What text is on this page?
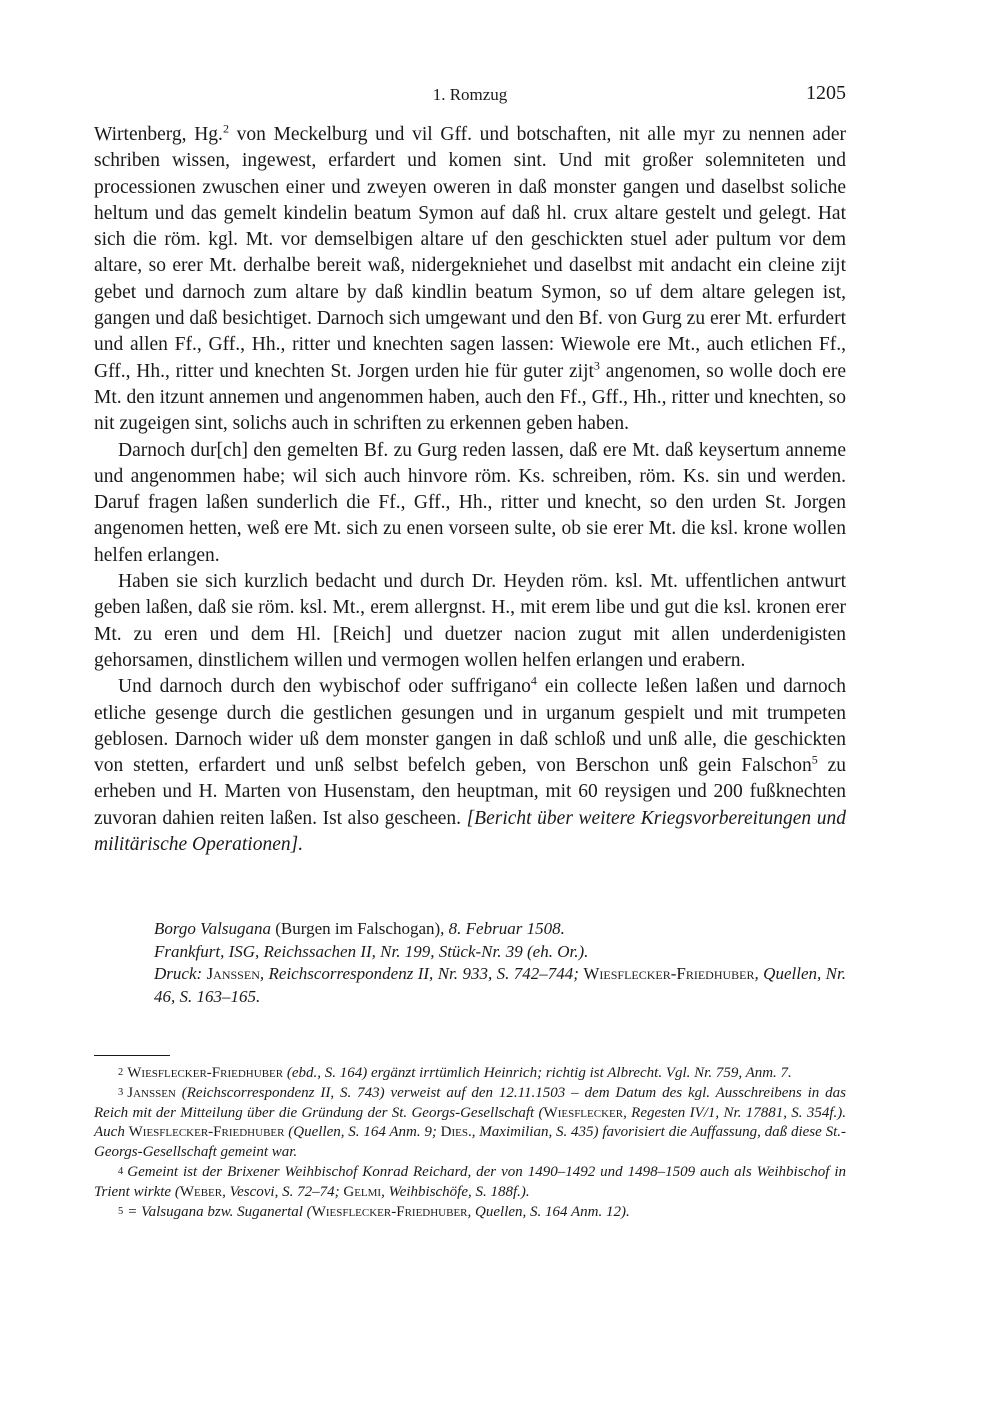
1. Romzug	1205

Wirtenberg, Hg.$^2$ von Meckelburg und vil Gff. und botschaften, nit alle myr zu nennen ader schriben wissen, ingewest, erfardert und komen sint. Und mit großer solemniteten und processionen zwuschen einer und zweyen oweren in daß monster gangen und daselbst soliche heltum und das gemelt kindelin beatum Symon auf daß hl. crux altare gestelt und gelegt. Hat sich die röm. kgl. Mt. vor demselbigen altare uf den geschickten stuel ader pultum vor dem altare, so erer Mt. derhalbe bereit waß, nidergekniehet und daselbst mit andacht ein cleine zijt gebet und darnoch zum altare by daß kindlin beatum Symon, so uf dem altare gelegen ist, gangen und daß besichtiget. Darnoch sich umgewant und den Bf. von Gurg zu erer Mt. erfurdert und allen Ff., Gff., Hh., ritter und knechten sagen lassen: Wiewole ere Mt., auch etlichen Ff., Gff., Hh., ritter und knechten St. Jorgen urden hie für guter zijt$^3$ angenomen, so wolle doch ere Mt. den itzunt annemen und angenommen haben, auch den Ff., Gff., Hh., ritter und knechten, so nit zugeigen sint, solichs auch in schriften zu erkennen geben haben.

Darnoch dur[ch] den gemelten Bf. zu Gurg reden lassen, daß ere Mt. daß keysertum anneme und angenommen habe; wil sich auch hinvore röm. Ks. schreiben, röm. Ks. sin und werden. Daruf fragen laßen sunderlich die Ff., Gff., Hh., ritter und knecht, so den urden St. Jorgen angenomen hetten, weß ere Mt. sich zu enen vorseen sulte, ob sie erer Mt. die ksl. krone wollen helfen erlangen.

Haben sie sich kurzlich bedacht und durch Dr. Heyden röm. ksl. Mt. uffentlichen antwurt geben laßen, daß sie röm. ksl. Mt., erem allergnst. H., mit erem libe und gut die ksl. kronen erer Mt. zu eren und dem Hl. [Reich] und duetzer nacion zugut mit allen underdenigisten gehorsamen, dinstlichem willen und vermogen wollen helfen erlangen und erabern.

Und darnoch durch den wybischof oder suffrigano$^4$ ein collecte leßen laßen und darnoch etliche gesenge durch die gestlichen gesungen und in urganum gespielt und mit trumpeten geblosen. Darnoch wider uß dem monster gangen in daß schloß und unß alle, die geschickten von stetten, erfardert und unß selbst befelch geben, von Berschon unß gein Falschon$^5$ zu erheben und H. Marten von Husenstam, den heuptman, mit 60 reysigen und 200 fußknechten zuvoran dahien reiten laßen. Ist also gescheen. [Bericht über weitere Kriegsvorbereitungen und militärische Operationen].

Borgo Valsugana (Burgen im Falschogan), 8. Februar 1508.

Frankfurt, ISG, Reichssachen II, Nr. 199, Stück-Nr. 39 (eh. Or.).

Druck: Janssen, Reichscorrespondenz II, Nr. 933, S. 742–744; Wiesflecker-Friedhuber, Quellen, Nr. 46, S. 163–165.

$^2$ Wiesflecker-Friedhuber (ebd., S. 164) ergänzt irrtümlich Heinrich; richtig ist Albrecht. Vgl. Nr. 759, Anm. 7.

$^3$ Janssen (Reichscorrespondenz II, S. 743) verweist auf den 12.11.1503 – dem Datum des kgl. Ausschreibens in das Reich mit der Mitteilung über die Gründung der St. Georgs-Gesellschaft (Wiesflecker, Regesten IV/1, Nr. 17881, S. 354f.). Auch Wiesflecker-Friedhuber (Quellen, S. 164 Anm. 9; Dies., Maximilian, S. 435) favorisiert die Auffassung, daß diese St.-Georgs-Gesellschaft gemeint war.

$^4$ Gemeint ist der Brixener Weihbischof Konrad Reichard, der von 1490–1492 und 1498–1509 auch als Weihbischof in Trient wirkte (Weber, Vescovi, S. 72–74; Gelmi, Weihbischöfe, S. 188f.).

$^5$ = Valsugana bzw. Suganertal (Wiesflecker-Friedhuber, Quellen, S. 164 Anm. 12).
